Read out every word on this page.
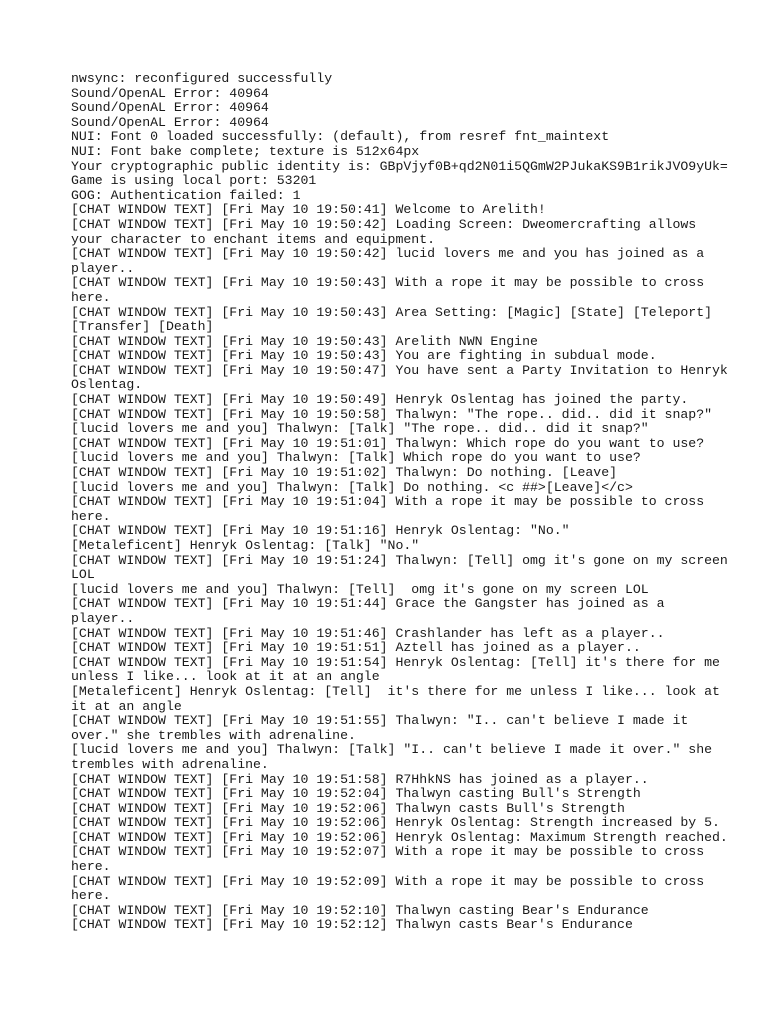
nwsync: reconfigured successfully
Sound/OpenAL Error: 40964
Sound/OpenAL Error: 40964
Sound/OpenAL Error: 40964
NUI: Font 0 loaded successfully: (default), from resref fnt_maintext
NUI: Font bake complete; texture is 512x64px
Your cryptographic public identity is: GBpVjyf0B+qd2N01i5QGmW2PJukaKS9B1rikJVO9yUk=
Game is using local port: 53201
GOG: Authentication failed: 1
[CHAT WINDOW TEXT] [Fri May 10 19:50:41] Welcome to Arelith!
[CHAT WINDOW TEXT] [Fri May 10 19:50:42] Loading Screen: Dweomercrafting allows
your character to enchant items and equipment.
[CHAT WINDOW TEXT] [Fri May 10 19:50:42] lucid lovers me and you has joined as a
player..
[CHAT WINDOW TEXT] [Fri May 10 19:50:43] With a rope it may be possible to cross
here.
[CHAT WINDOW TEXT] [Fri May 10 19:50:43] Area Setting: [Magic] [State] [Teleport]
[Transfer] [Death]
[CHAT WINDOW TEXT] [Fri May 10 19:50:43] Arelith NWN Engine
[CHAT WINDOW TEXT] [Fri May 10 19:50:43] You are fighting in subdual mode.
[CHAT WINDOW TEXT] [Fri May 10 19:50:47] You have sent a Party Invitation to Henryk
Oslentag.
[CHAT WINDOW TEXT] [Fri May 10 19:50:49] Henryk Oslentag has joined the party.
[CHAT WINDOW TEXT] [Fri May 10 19:50:58] Thalwyn: "The rope.. did.. did it snap?"
[lucid lovers me and you] Thalwyn: [Talk] "The rope.. did.. did it snap?"
[CHAT WINDOW TEXT] [Fri May 10 19:51:01] Thalwyn: Which rope do you want to use?
[lucid lovers me and you] Thalwyn: [Talk] Which rope do you want to use?
[CHAT WINDOW TEXT] [Fri May 10 19:51:02] Thalwyn: Do nothing. [Leave]
[lucid lovers me and you] Thalwyn: [Talk] Do nothing. <c ##>[Leave]</c>
[CHAT WINDOW TEXT] [Fri May 10 19:51:04] With a rope it may be possible to cross
here.
[CHAT WINDOW TEXT] [Fri May 10 19:51:16] Henryk Oslentag: "No."
[Metaleficent] Henryk Oslentag: [Talk] "No."
[CHAT WINDOW TEXT] [Fri May 10 19:51:24] Thalwyn: [Tell] omg it's gone on my screen
LOL
[lucid lovers me and you] Thalwyn: [Tell]  omg it's gone on my screen LOL
[CHAT WINDOW TEXT] [Fri May 10 19:51:44] Grace the Gangster has joined as a
player..
[CHAT WINDOW TEXT] [Fri May 10 19:51:46] Crashlander has left as a player..
[CHAT WINDOW TEXT] [Fri May 10 19:51:51] Aztell has joined as a player..
[CHAT WINDOW TEXT] [Fri May 10 19:51:54] Henryk Oslentag: [Tell] it's there for me
unless I like... look at it at an angle
[Metaleficent] Henryk Oslentag: [Tell]  it's there for me unless I like... look at
it at an angle
[CHAT WINDOW TEXT] [Fri May 10 19:51:55] Thalwyn: "I.. can't believe I made it
over." she trembles with adrenaline.
[lucid lovers me and you] Thalwyn: [Talk] "I.. can't believe I made it over." she
trembles with adrenaline.
[CHAT WINDOW TEXT] [Fri May 10 19:51:58] R7HhkNS has joined as a player..
[CHAT WINDOW TEXT] [Fri May 10 19:52:04] Thalwyn casting Bull's Strength
[CHAT WINDOW TEXT] [Fri May 10 19:52:06] Thalwyn casts Bull's Strength
[CHAT WINDOW TEXT] [Fri May 10 19:52:06] Henryk Oslentag: Strength increased by 5.
[CHAT WINDOW TEXT] [Fri May 10 19:52:06] Henryk Oslentag: Maximum Strength reached.
[CHAT WINDOW TEXT] [Fri May 10 19:52:07] With a rope it may be possible to cross
here.
[CHAT WINDOW TEXT] [Fri May 10 19:52:09] With a rope it may be possible to cross
here.
[CHAT WINDOW TEXT] [Fri May 10 19:52:10] Thalwyn casting Bear's Endurance
[CHAT WINDOW TEXT] [Fri May 10 19:52:12] Thalwyn casts Bear's Endurance
